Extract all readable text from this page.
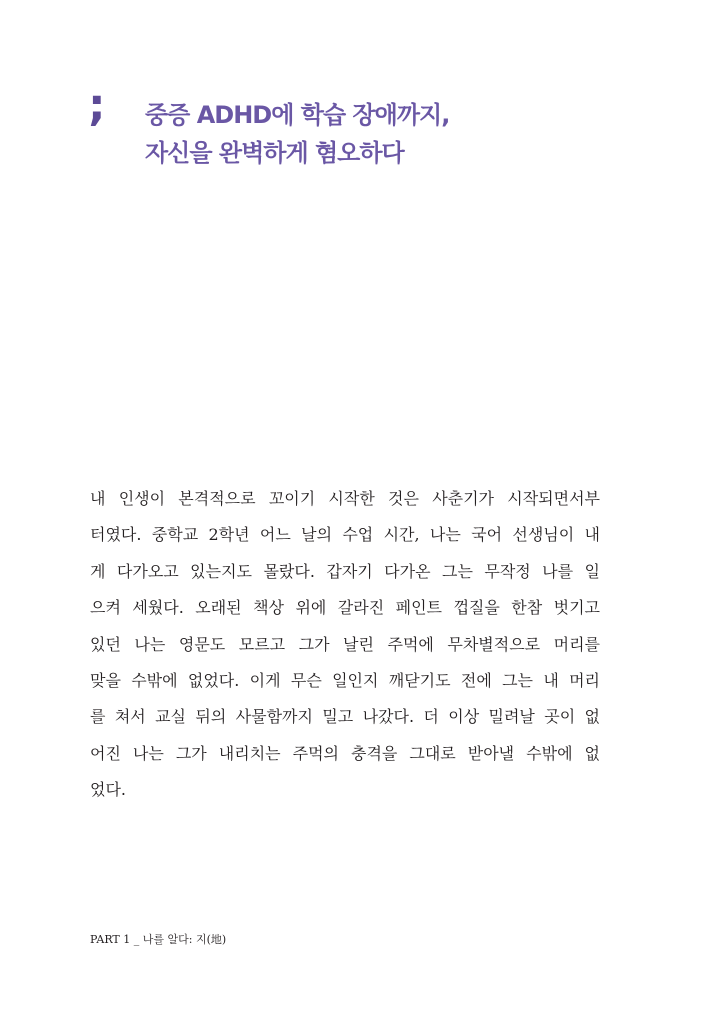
; 중증 ADHD에 학습 장애까지,
자신을 완벽하게 혐오하다
내 인생이 본격적으로 꼬이기 시작한 것은 사춘기가 시작되면서부
터였다. 중학교 2학년 어느 날의 수업 시간, 나는 국어 선생님이 내
게 다가오고 있는지도 몰랐다. 갑자기 다가온 그는 무작정 나를 일
으켜 세웠다. 오래된 책상 위에 갈라진 페인트 껍질을 한참 벗기고
있던 나는 영문도 모르고 그가 날린 주먹에 무차별적으로 머리를
맞을 수밖에 없었다. 이게 무슨 일인지 깨닫기도 전에 그는 내 머리
를 쳐서 교실 뒤의 사물함까지 밀고 나갔다. 더 이상 밀려날 곳이 없
어진 나는 그가 내리치는 주먹의 충격을 그대로 받아낼 수밖에 없
었다.
PART 1 _ 나를 알다: 지(地)
